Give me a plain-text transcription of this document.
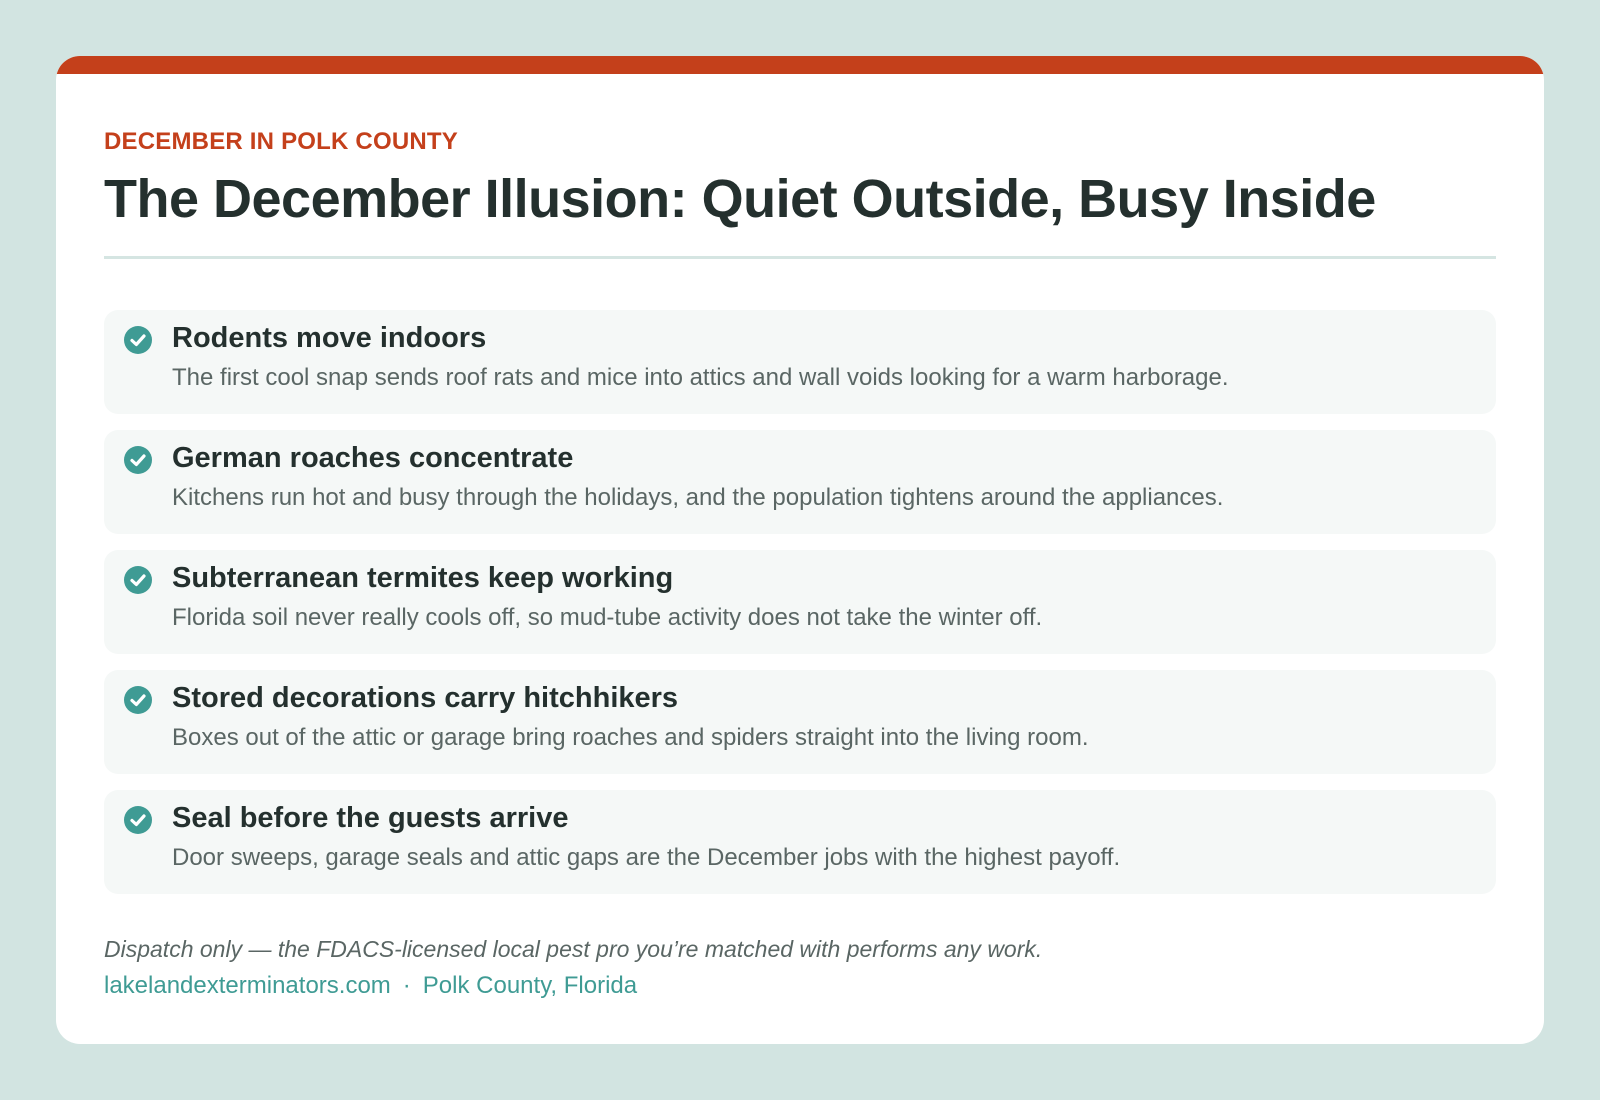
DECEMBER IN POLK COUNTY
The December Illusion: Quiet Outside, Busy Inside
Rodents move indoors
The first cool snap sends roof rats and mice into attics and wall voids looking for a warm harborage.
German roaches concentrate
Kitchens run hot and busy through the holidays, and the population tightens around the appliances.
Subterranean termites keep working
Florida soil never really cools off, so mud-tube activity does not take the winter off.
Stored decorations carry hitchhikers
Boxes out of the attic or garage bring roaches and spiders straight into the living room.
Seal before the guests arrive
Door sweeps, garage seals and attic gaps are the December jobs with the highest payoff.
Dispatch only — the FDACS-licensed local pest pro you’re matched with performs any work.
lakelandexterminators.com · Polk County, Florida
